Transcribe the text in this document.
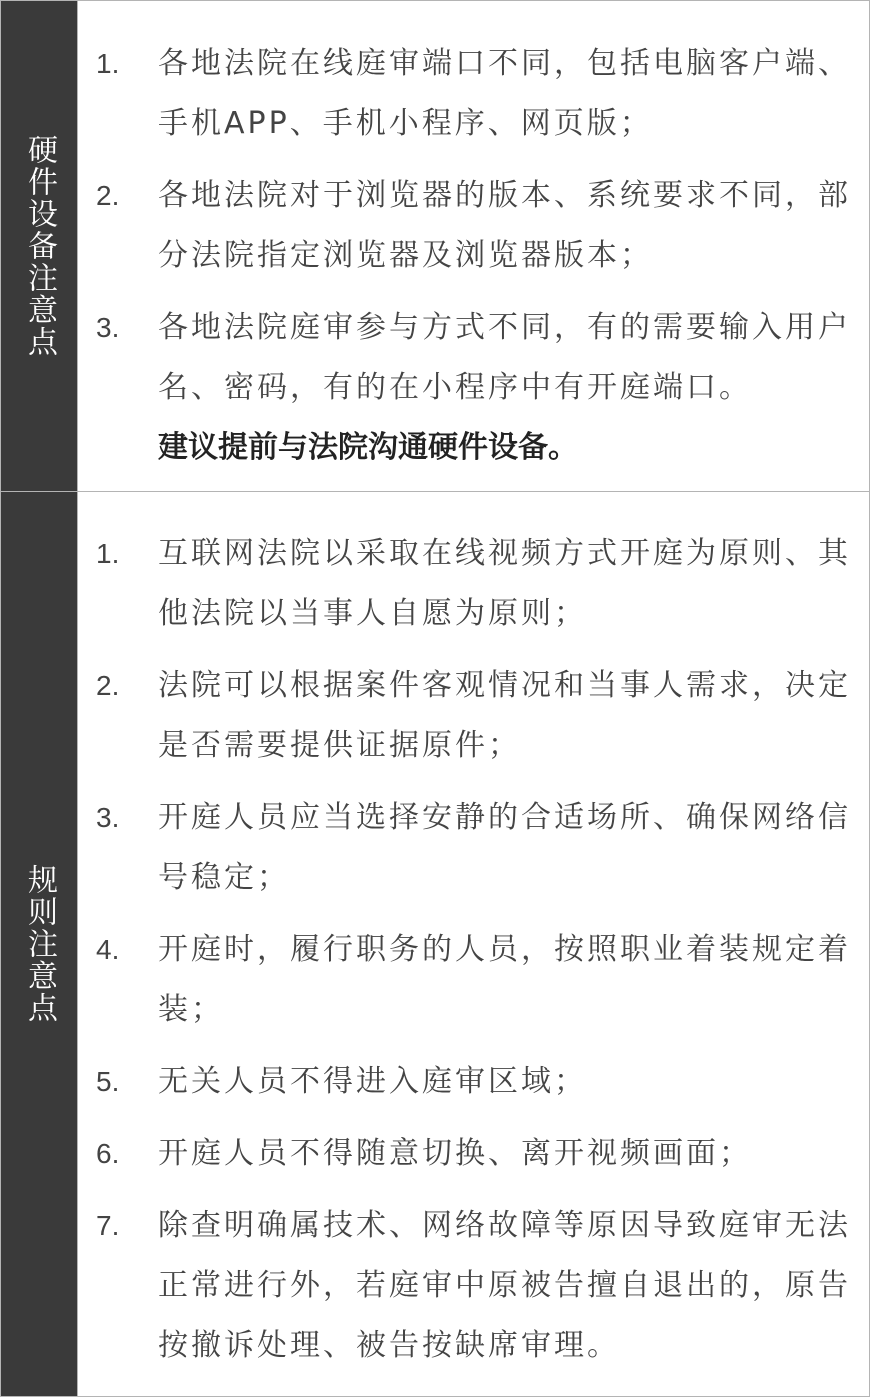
硬件设备注意点
1.	各地法院在线庭审端口不同，包括电脑客户端、手机APP、手机小程序、网页版；
2.	各地法院对于浏览器的版本、系统要求不同，部分法院指定浏览器及浏览器版本；
3.	各地法院庭审参与方式不同，有的需要输入用户名、密码，有的在小程序中有开庭端口。
建议提前与法院沟通硬件设备。
规则注意点
1.	互联网法院以采取在线视频方式开庭为原则、其他法院以当事人自愿为原则；
2.	法院可以根据案件客观情况和当事人需求，决定是否需要提供证据原件；
3.	开庭人员应当选择安静的合适场所、确保网络信号稳定；
4.	开庭时，履行职务的人员，按照职业着装规定着装；
5.	无关人员不得进入庭审区域；
6.	开庭人员不得随意切换、离开视频画面；
7.	除查明确属技术、网络故障等原因导致庭审无法正常进行外，若庭审中原被告擅自退出的，原告按撤诉处理、被告按缺席审理。
